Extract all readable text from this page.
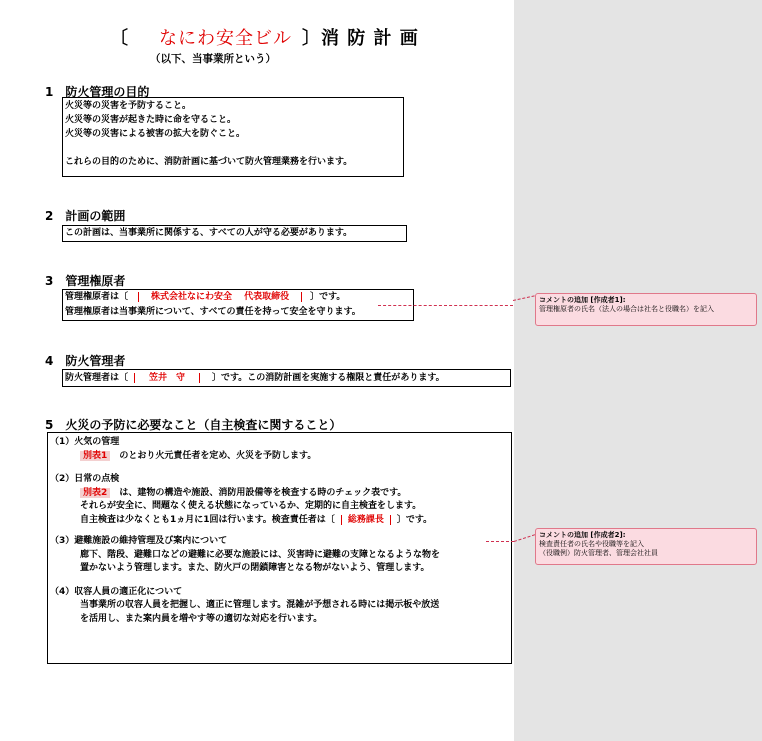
〔 なにわ安全ビル 〕消 防 計 画
（以下、当事業所という）
1　防火管理の目的
火災等の災害を予防すること。
火災等の災害が起きた時に命を守ること。
火災等の災害による被害の拡大を防ぐこと。
これらの目的のために、消防計画に基づいて防火管理業務を行います。
2　計画の範囲
この計画は、当事業所に関係する、すべての人が守る必要があります。
3　管理権原者
管理権原者は〔	株式会社なにわ安全　 代表取締役 〕です。
管理権原者は当事業所について、すべての責任を持って安全を守ります。
4　防火管理者
防火管理者は〔 笠井　守	〕です。この消防計画を実施する権限と責任があります。
5　火災の予防に必要なこと（自主検査に関すること）
（1）火気の管理
別表1 のとおり火元責任者を定め、火災を予防します。
（2）日常の点検
別表2 は、建物の構造や施設、消防用設備等を検査する時のチェック表です。
それらが安全に、問題なく使える状態になっているか、定期的に自主検査をします。
自主検査は少なくとも1ヵ月に1回は行います。検査責任者は〔 総務課長 〕です。
（3）避難施設の維持管理及び案内について
廊下、階段、避難口などの避難に必要な施設には、災害時に避難の支障となるような物を
置かないよう管理します。また、防火戸の閉鎖障害となる物がないよう、管理します。
（4）収容人員の適正化について
当事業所の収容人員を把握し、適正に管理します。混雑が予想される時には掲示板や放送
を活用し、また案内員を増やす等の適切な対応を行います。
コメントの追加 [作成者1]:
管理権原者の氏名（法人の場合は社名と役職名）を記入
コメントの追加 [作成者2]:
検査責任者の氏名や役職等を記入
（役職例）防火管理者、管理会社社員
